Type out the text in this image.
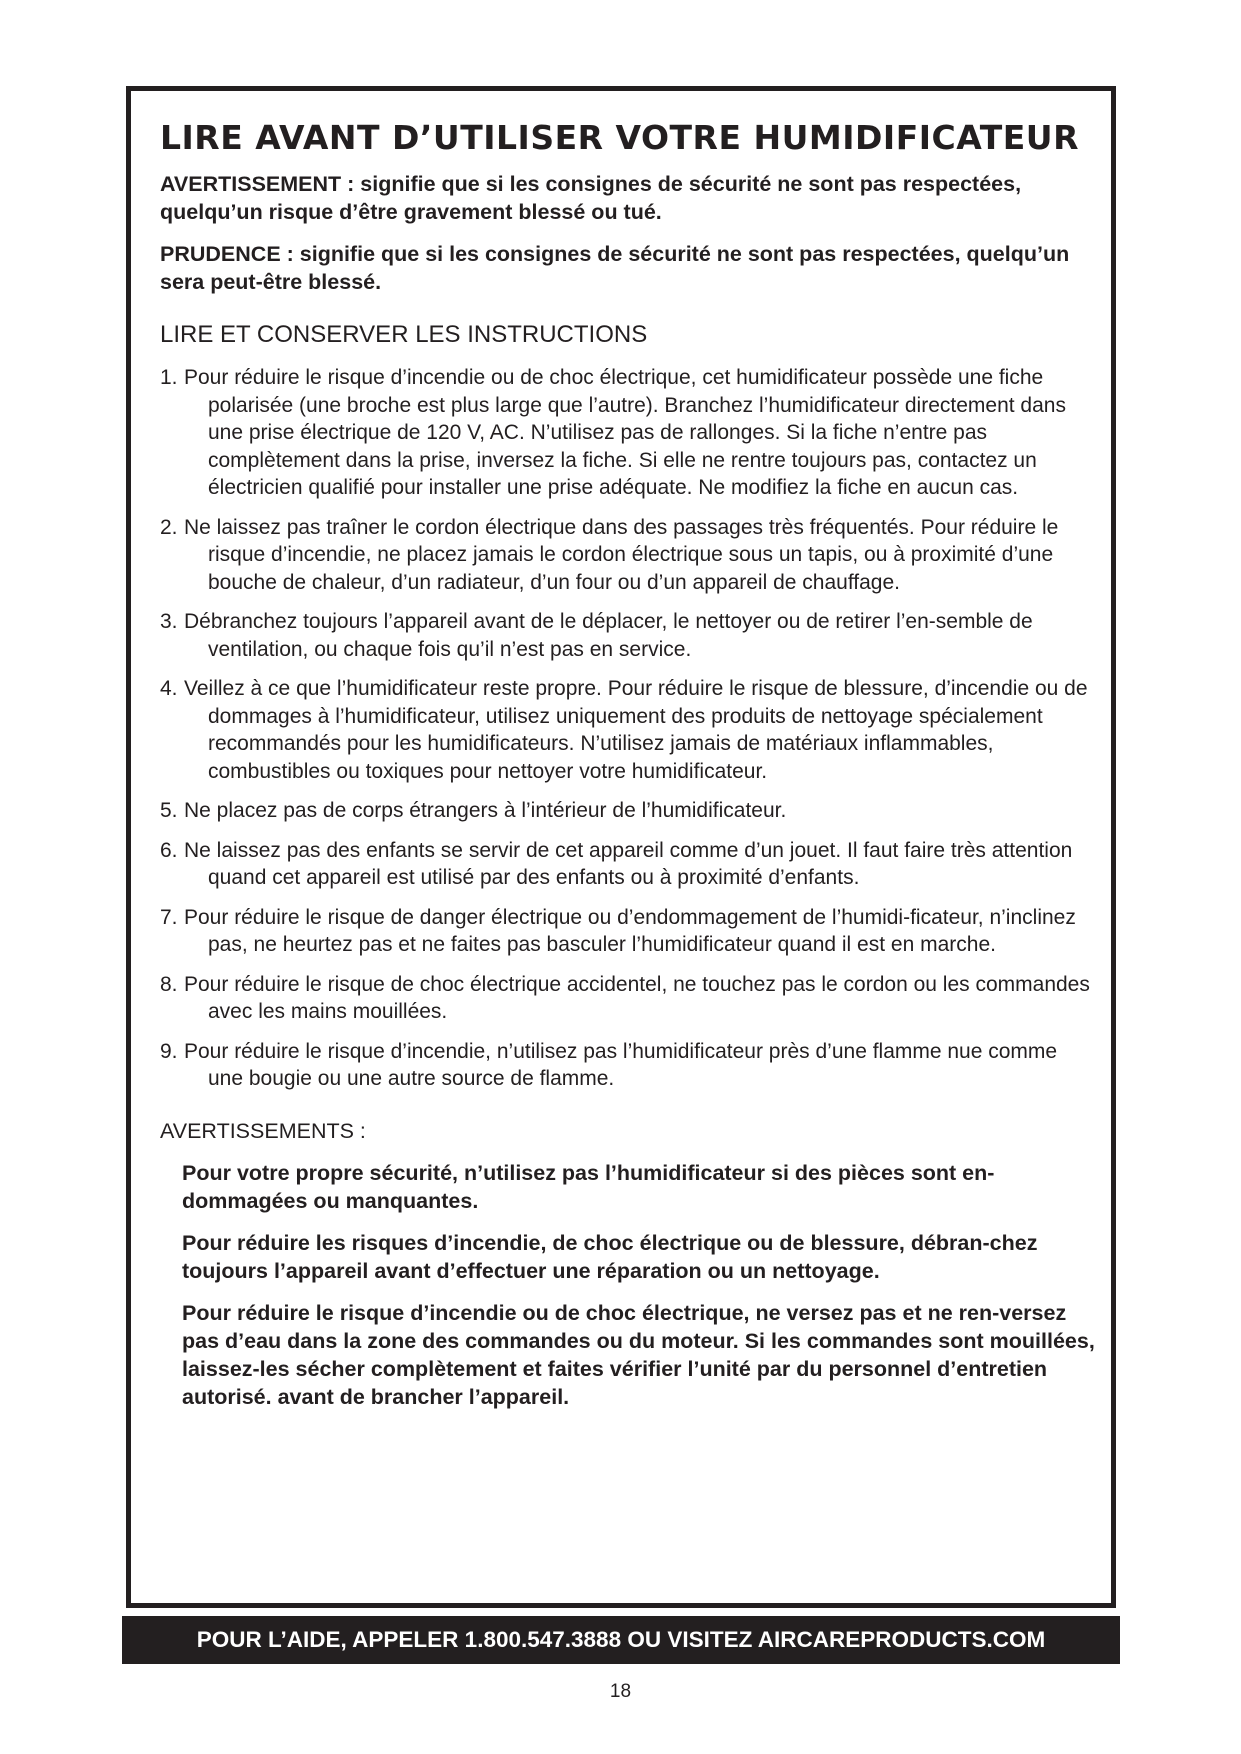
LIRE AVANT D’UTILISER VOTRE HUMIDIFICATEUR

AVERTISSEMENT : signifie que si les consignes de sécurité ne sont pas respectées, quelqu’un risque d’être gravement blessé ou tué.

PRUDENCE : signifie que si les consignes de sécurité ne sont pas respectées, quelqu’un sera peut-être blessé.

LIRE ET CONSERVER LES INSTRUCTIONS
1. Pour réduire le risque d’incendie ou de choc électrique, cet humidificateur possède une fiche polarisée (une broche est plus large que l’autre). Branchez l’humidificateur directement dans une prise électrique de 120 V, AC. N’utilisez pas de rallonges. Si la fiche n’entre pas complètement dans la prise, inversez la fiche. Si elle ne rentre toujours pas, contactez un électricien qualifié pour installer une prise adéquate. Ne modifiez la fiche en aucun cas.
2. Ne laissez pas traîner le cordon électrique dans des passages très fréquentés. Pour réduire le risque d’incendie, ne placez jamais le cordon électrique sous un tapis, ou à proximité d’une bouche de chaleur, d’un radiateur, d’un four ou d’un appareil de chauffage.
3. Débranchez toujours l’appareil avant de le déplacer, le nettoyer ou de retirer l’en-semble de ventilation, ou chaque fois qu’il n’est pas en service.
4. Veillez à ce que l’humidificateur reste propre. Pour réduire le risque de blessure, d’incendie ou de dommages à l’humidificateur, utilisez uniquement des produits de nettoyage spécialement recommandés pour les humidificateurs. N’utilisez jamais de matériaux inflammables, combustibles ou toxiques pour nettoyer votre humidificateur.
5. Ne placez pas de corps étrangers à l’intérieur de l’humidificateur.
6. Ne laissez pas des enfants se servir de cet appareil comme d’un jouet. Il faut faire très attention quand cet appareil est utilisé par des enfants ou à proximité d’enfants.
7. Pour réduire le risque de danger électrique ou d’endommagement de l’humidi-ficateur, n’inclinez pas, ne heurtez pas et ne faites pas basculer l’humidificateur quand il est en marche.
8. Pour réduire le risque de choc électrique accidentel, ne touchez pas le cordon ou les commandes avec les mains mouillées.
9. Pour réduire le risque d’incendie, n’utilisez pas l’humidificateur près d’une flamme nue comme une bougie ou une autre source de flamme.

AVERTISSEMENTS :

Pour votre propre sécurité, n’utilisez pas l’humidificateur si des pièces sont en-dommagées ou manquantes.

Pour réduire les risques d’incendie, de choc électrique ou de blessure, débran-chez toujours l’appareil avant d’effectuer une réparation ou un nettoyage.

Pour réduire le risque d’incendie ou de choc électrique, ne versez pas et ne ren-versez pas d’eau dans la zone des commandes ou du moteur. Si les commandes sont mouillées, laissez-les sécher complètement et faites vérifier l’unité par du personnel d’entretien autorisé. avant de brancher l’appareil.

POUR L’AIDE, APPELER 1.800.547.3888 OU VISITEZ AIRCAREPRODUCTS.COM
18
